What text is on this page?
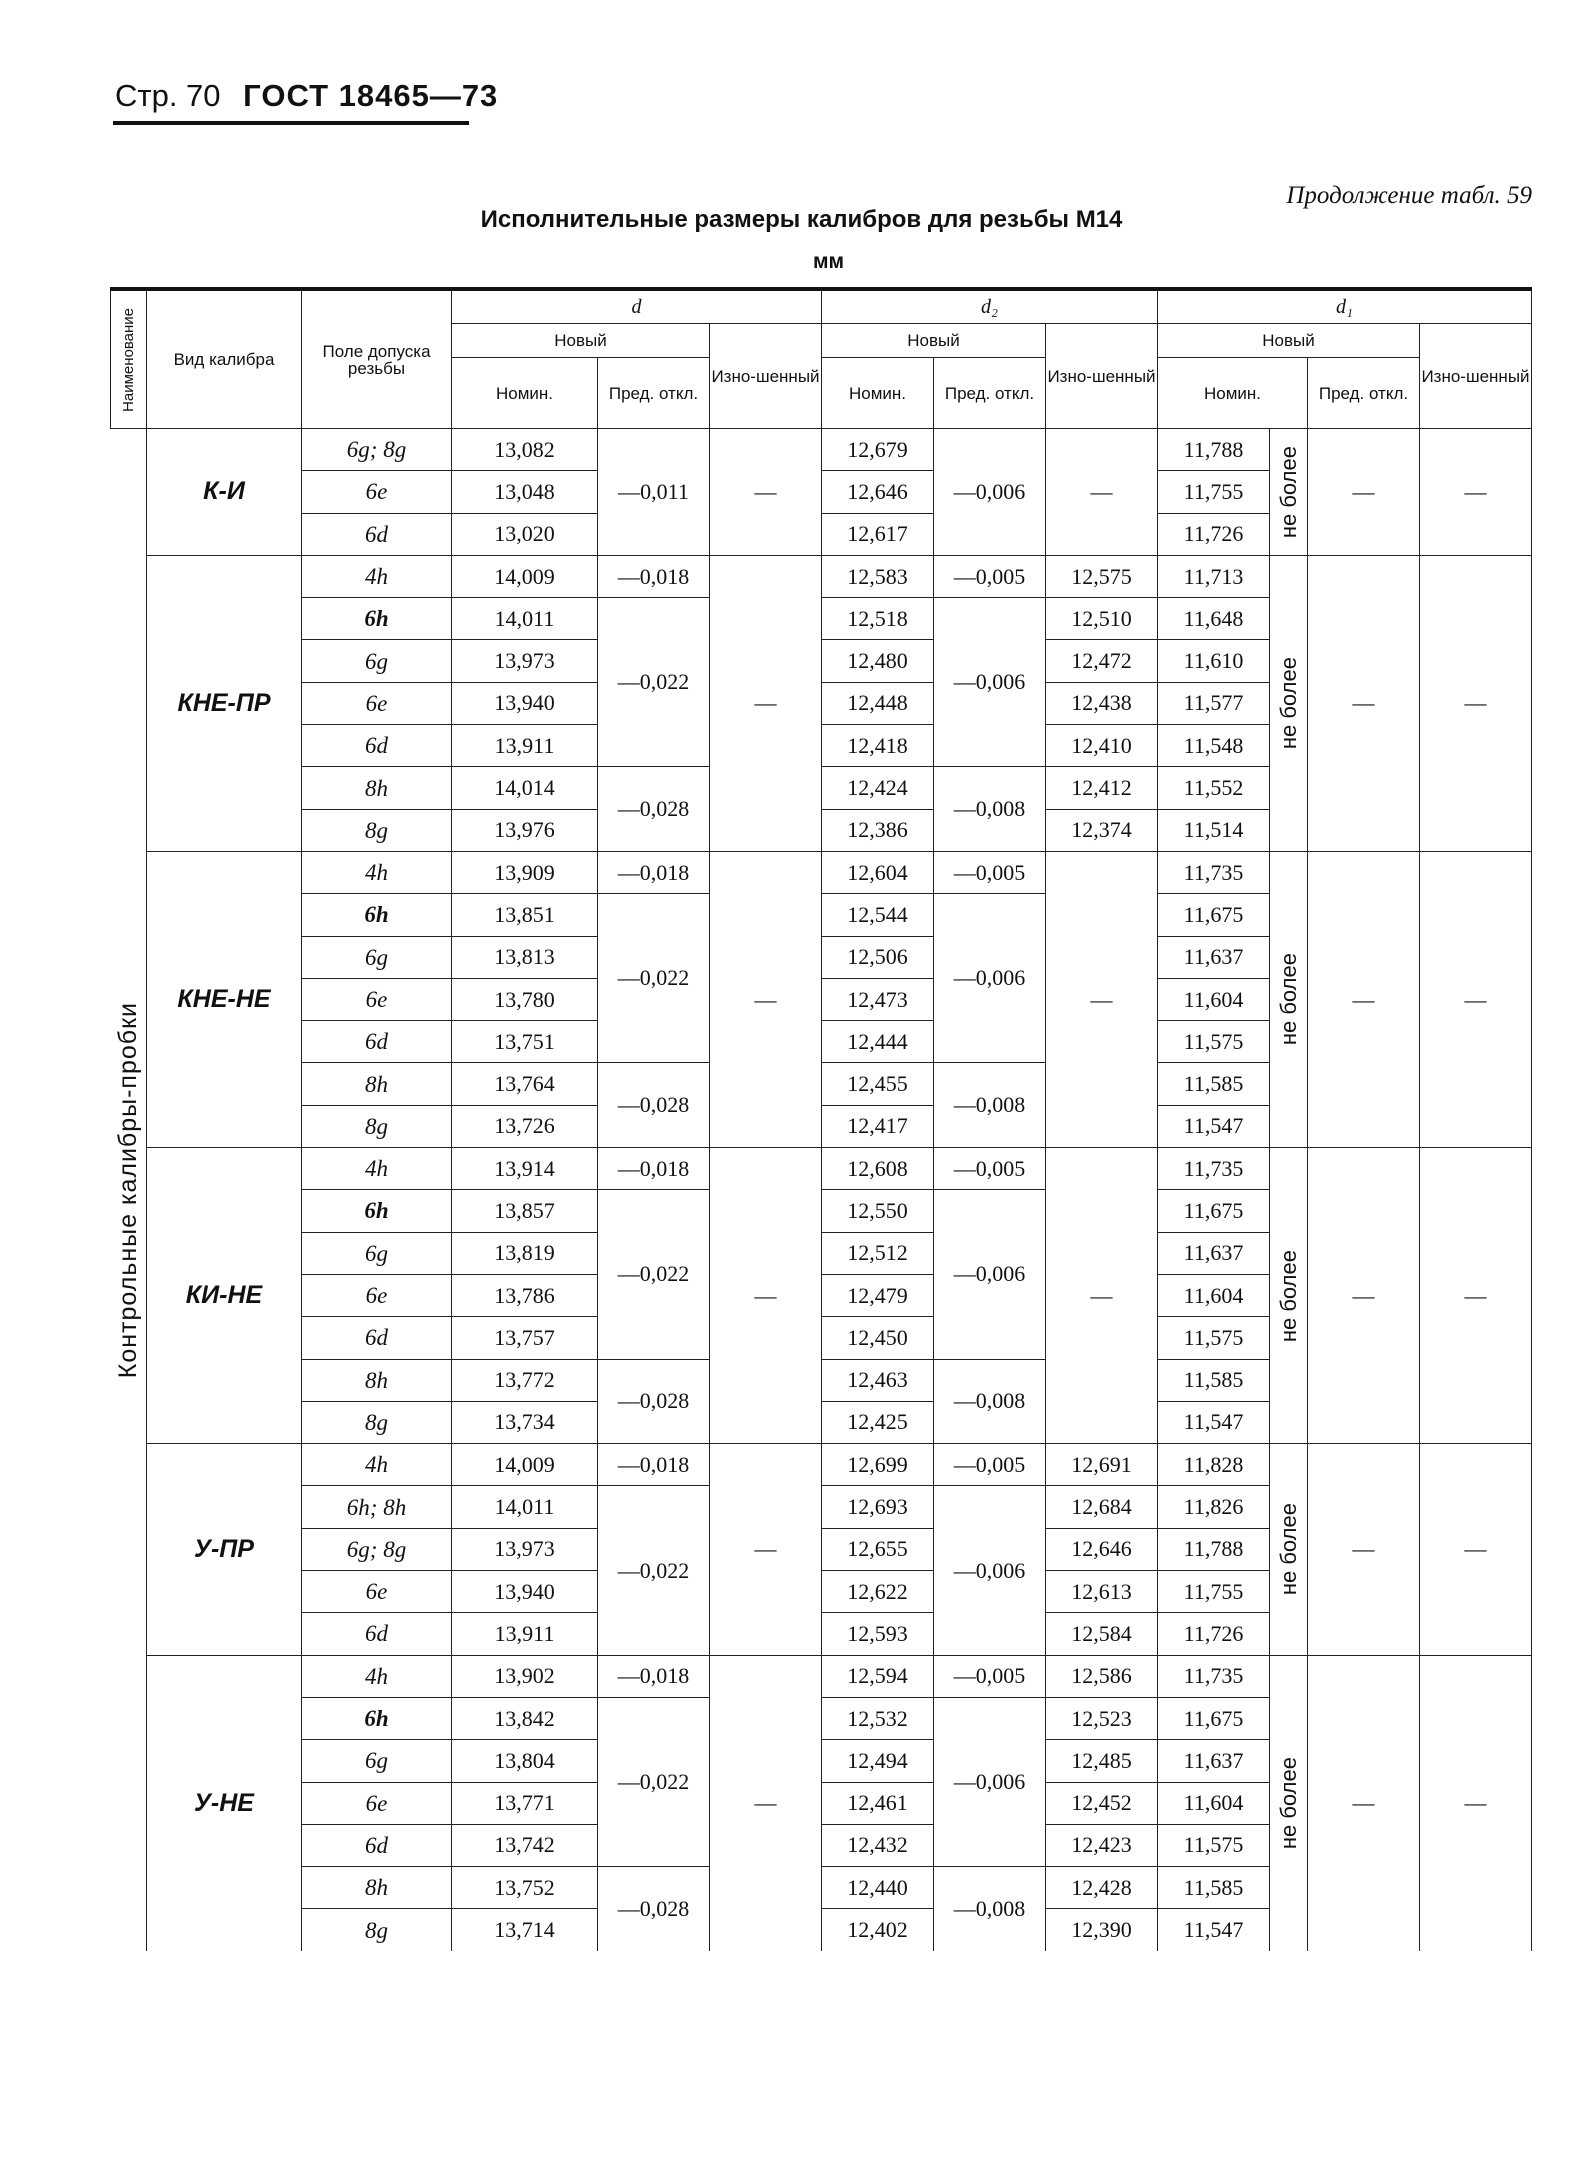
Стр. 70 ГОСТ 18465—73
Продолжение табл. 59
Исполнительные размеры калибров для резьбы М14
мм
Наименование	Вид калибра	Поле допуска резьбы	d			d₂			d₁			
			Новый		Изно-шенный	Новый		Изно-шенный	Новый			Изно-шенный
			Номин.	Пред. откл.		Номин.	Пред. откл.		Номин.		Пред. откл.	

Контрольные калибры-пробки	К-И	6g; 8g	13,082	—0,011	—	12,679	—0,006	—	11,788	не более	—	—
		6e	13,048			12,646			11,755			
		6d	13,020			12,617			11,726			
	КНЕ-ПР	4h	14,009	—0,018	—	12,583	—0,005	12,575	11,713	не более	—	—
		6h	14,011	—0,022		12,518	—0,006	12,510	11,648			
		6g	13,973			12,480		12,472	11,610			
		6e	13,940			12,448		12,438	11,577			
		6d	13,911			12,418		12,410	11,548			
		8h	14,014	—0,028		12,424	—0,008	12,412	11,552			
		8g	13,976			12,386		12,374	11,514			
	КНЕ-НЕ	4h	13,909	—0,018	—	12,604	—0,005	—	11,735	не более	—	—
		6h	13,851	—0,022		12,544	—0,006		11,675			
		6g	13,813			12,506			11,637			
		6e	13,780			12,473			11,604			
		6d	13,751			12,444			11,575			
		8h	13,764	—0,028		12,455	—0,008		11,585			
		8g	13,726			12,417			11,547			
	КИ-НЕ	4h	13,914	—0,018	—	12,608	—0,005	—	11,735	не более	—	—
		6h	13,857	—0,022		12,550	—0,006		11,675			
		6g	13,819			12,512			11,637			
		6e	13,786			12,479			11,604			
		6d	13,757			12,450			11,575			
		8h	13,772	—0,028		12,463	—0,008		11,585			
		8g	13,734			12,425			11,547			
	У-ПР	4h	14,009	—0,018	—	12,699	—0,005	12,691	11,828	не более	—	—
		6h; 8h	14,011	—0,022		12,693	—0,006	12,684	11,826			
		6g; 8g	13,973			12,655		12,646	11,788			
		6e	13,940			12,622		12,613	11,755			
		6d	13,911			12,593		12,584	11,726			
	У-НЕ	4h	13,902	—0,018	—	12,594	—0,005	12,586	11,735	не более	—	—
		6h	13,842	—0,022		12,532	—0,006	12,523	11,675			
		6g	13,804			12,494		12,485	11,637			
		6e	13,771			12,461		12,452	11,604			
		6d	13,742			12,432		12,423	11,575			
		8h	13,752	—0,028		12,440	—0,008	12,428	11,585			
		8g	13,714			12,402		12,390	11,547			
